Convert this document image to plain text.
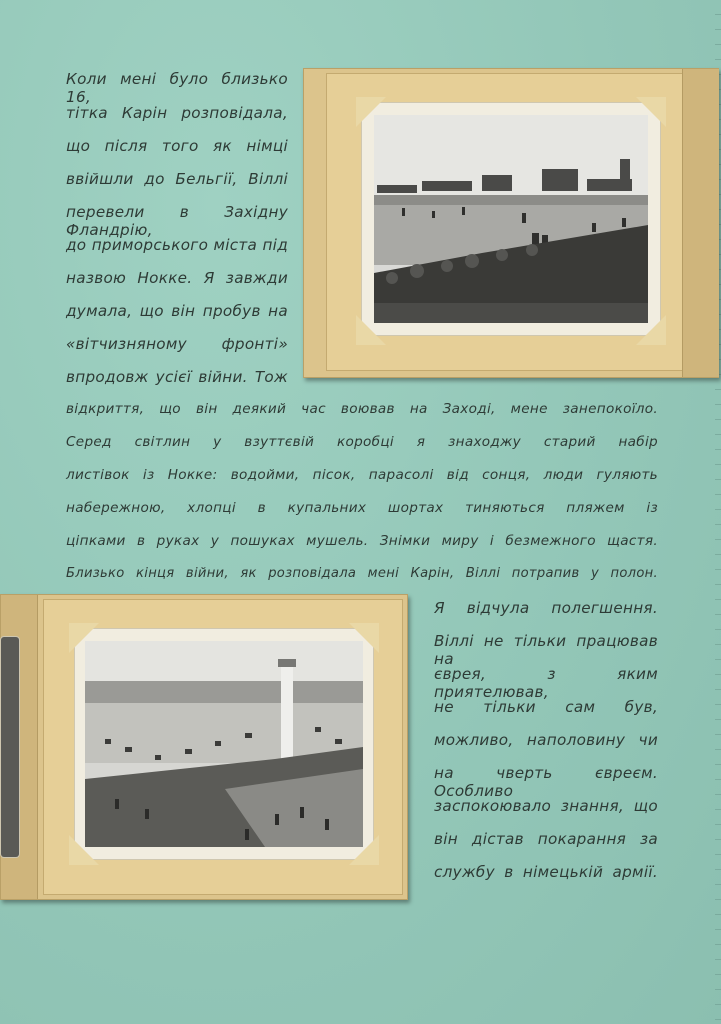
Коли мені було близько 16,
тітка Карін розповідала,
що після того як німці
ввійшли до Бельгії, Віллі
перевели в Західну Фландрію,
до приморського міста під
назвою Нокке. Я завжди
думала, що він пробув на
«вітчизняному фронті»
впродовж усієї війни. Тож
відкриття, що він деякий час воював на Заході, мене занепокоїло.
Серед світлин у взуттєвій коробці я знаходжу старий набір
листівок із Нокке: водойми, пісок, парасолі від сонця, люди гуляють
набережною, хлопці в купальних шортах тиняються пляжем із
ціпками в руках у пошуках мушель. Знімки миру і безмежного щастя.
Близько кінця війни, як розповідала мені Карін, Віллі потрапив у полон.
Я відчула полегшення.
Віллі не тільки працював на
єврея, з яким приятелював,
не тільки сам був,
можливо, наполовину чи
на чверть євреєм. Особливо
заспокоювало знання, що
він дістав покарання за
службу в німецькій армії.
